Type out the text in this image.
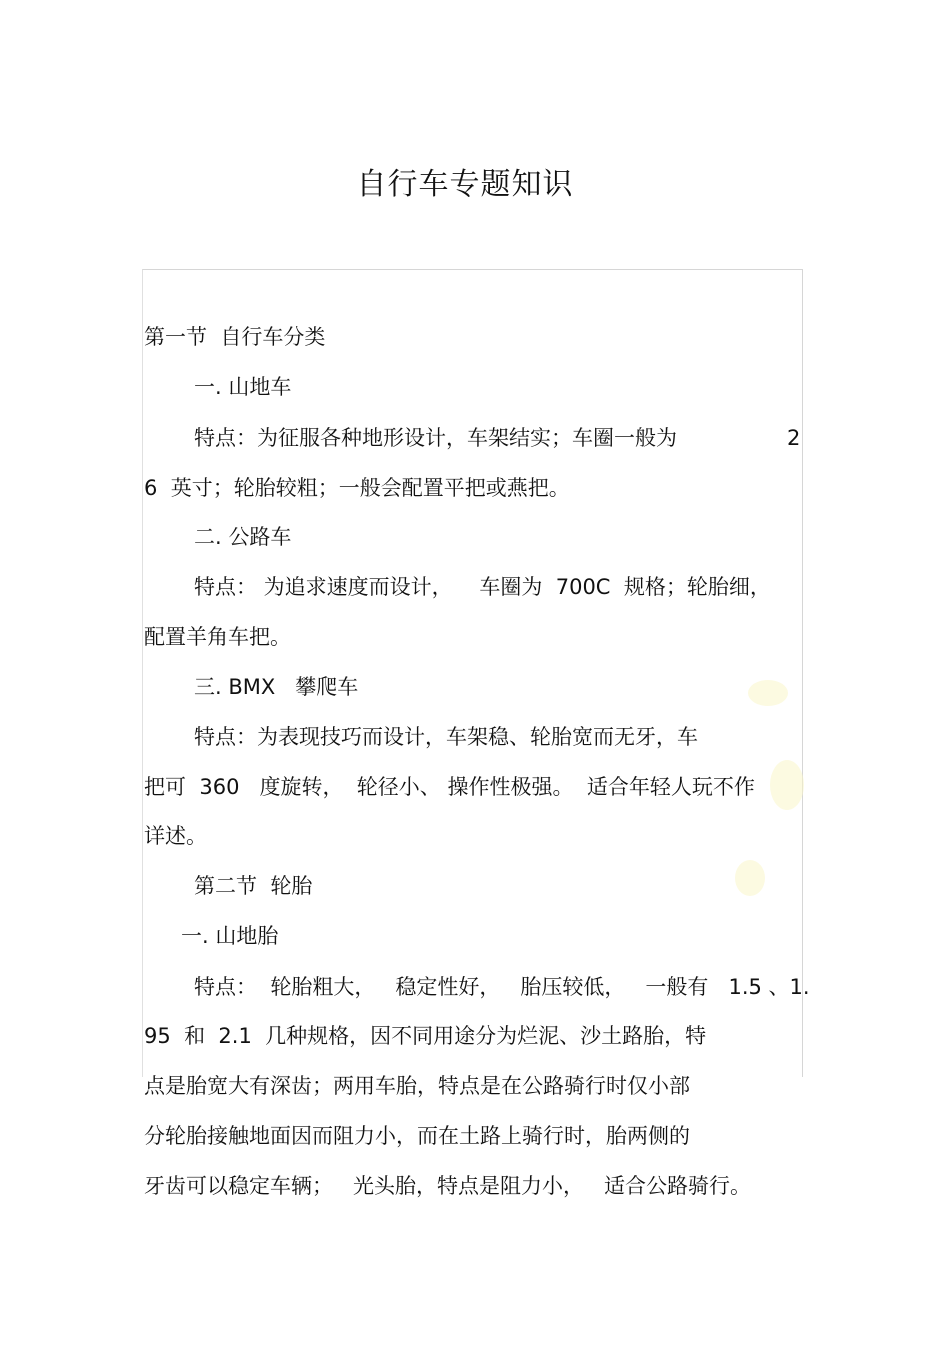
自行车专题知识
第一节  自行车分类
一. 山地车
特点：为征服各种地形设计，车架结实；车圈一般为	2
6  英寸；轮胎较粗；一般会配置平把或燕把。
二. 公路车
特点： 为追求速度而设计，    车圈为  700C  规格；轮胎细，
配置羊角车把。
三. BMX   攀爬车
特点：为表现技巧而设计，车架稳、轮胎宽而无牙，车
把可  360   度旋转，  轮径小、 操作性极强。  适合年轻人玩不作
详述。
第二节  轮胎
一. 山地胎
特点：  轮胎粗大，   稳定性好，   胎压较低，   一般有   1.5 、1.
95  和  2.1  几种规格，因不同用途分为烂泥、沙土路胎，特
点是胎宽大有深齿；两用车胎，特点是在公路骑行时仅小部
分轮胎接触地面因而阻力小，而在土路上骑行时，胎两侧的
牙齿可以稳定车辆；   光头胎，特点是阻力小，   适合公路骑行。
